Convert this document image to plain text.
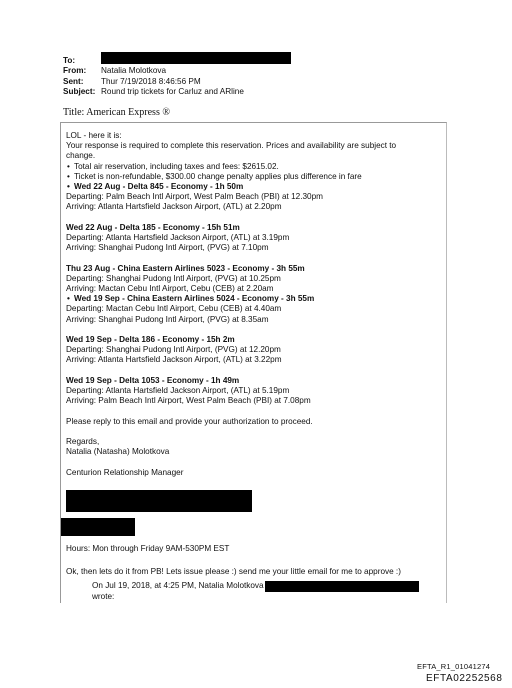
To:
From:	Natalia Molotkova
Sent:	Thur 7/19/2018 8:46:56 PM
Subject: Round trip tickets for Carluz and ARline
Title: American Express ®

LOL - here it is:

Your response is required to complete this reservation. Prices and availability are subject to

change.

• Total air reservation, including taxes and fees: $2615.02.

• Ticket is non-refundable, $300.00 change penalty applies plus difference in fare

• Wed 22 Aug - Delta 845 - Economy - 1h 50m

Departing: Palm Beach Intl Airport, West Palm Beach (PBI) at 12.30pm

Arriving: Atlanta Hartsfield Jackson Airport, (ATL) at 2.20pm

Wed 22 Aug - Delta 185 - Economy - 15h 51m

Departing: Atlanta Hartsfield Jackson Airport, (ATL) at 3.19pm

Arriving: Shanghai Pudong Intl Airport, (PVG) at 7.10pm

Thu 23 Aug - China Eastern Airlines 5023 - Economy - 3h 55m

Departing: Shanghai Pudong Intl Airport, (PVG) at 10.25pm

Arriving: Mactan Cebu Intl Airport, Cebu (CEB) at 2.20am

• Wed 19 Sep - China Eastern Airlines 5024 - Economy - 3h 55m

Departing: Mactan Cebu Intl Airport, Cebu (CEB) at 4.40am

Arriving: Shanghai Pudong Intl Airport, (PVG) at 8.35am

Wed 19 Sep - Delta 186 - Economy - 15h 2m

Departing: Shanghai Pudong Intl Airport, (PVG) at 12.20pm

Arriving: Atlanta Hartsfield Jackson Airport, (ATL) at 3.22pm

Wed 19 Sep - Delta 1053 - Economy - 1h 49m

Departing: Atlanta Hartsfield Jackson Airport, (ATL) at 5.19pm

Arriving: Palm Beach Intl Airport, West Palm Beach (PBI) at 7.08pm

Please reply to this email and provide your authorization to proceed.

Regards,

Natalia (Natasha) Molotkova

Centurion Relationship Manager

Hours: Mon through Friday 9AM-530PM EST

Ok, then lets do it from PB! Lets issue please :) send me your little email for me to approve :)

On Jul 19, 2018, at 4:25 PM, Natalia Molotkova
wrote:
EFTA_R1_01041274
EFTA02252568
